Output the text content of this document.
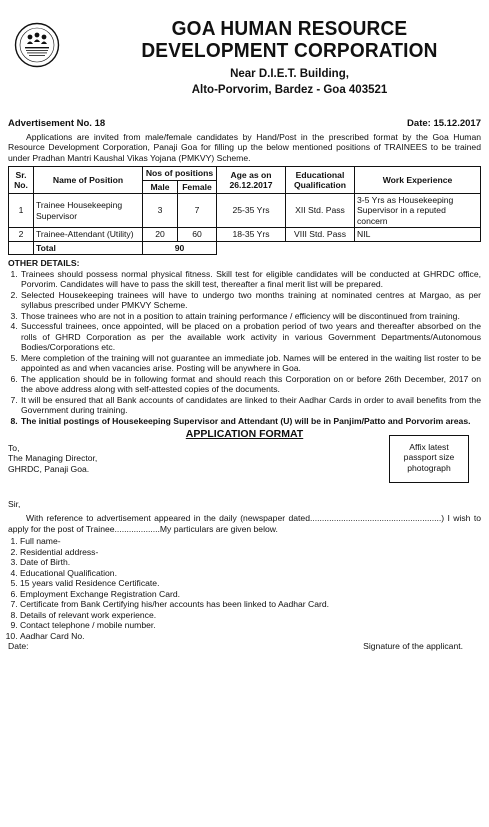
GOA HUMAN RESOURCE
DEVELOPMENT CORPORATION
Near D.I.E.T. Building,
Alto-Porvorim, Bardez - Goa 403521
Advertisement No. 18	Date: 15.12.2017

Applications are invited from male/female candidates by Hand/Post in the prescribed format by the Goa Human Resource Development Corporation, Panaji Goa for filling up the below mentioned positions of TRAINEES to be trained under Pradhan Mantri Kaushal Vikas Yojana (PMKVY) Scheme.

Sr. No.	Name of Position	Nos of positions		Age as on 26.12.2017	Educational Qualification	Work Experience
		Male	Female			
1	Trainee Housekeeping Supervisor	3	7	25-35 Yrs	XII Std. Pass	3-5 Yrs as Housekeeping Supervisor in a reputed concern
2	Trainee-Attendant (Utility)	20	60	18-35 Yrs	VIII Std. Pass	NIL
	Total	90				
OTHER DETAILS:
1. Trainees should possess normal physical fitness. Skill test for eligible candidates will be conducted at GHRDC office, Porvorim. Candidates will have to pass the skill test, thereafter a final merit list will be prepared.
2. Selected Housekeeping trainees will have to undergo two months training at nominated centres at Margao, as per syllabus prescribed under PMKVY Scheme.
3. Those trainees who are not in a position to attain training performance / efficiency will be discontinued from training.
4. Successful trainees, once appointed, will be placed on a probation period of two years and thereafter absorbed on the rolls of GHRD Corporation as per the available work activity in various Government Departments/Autonomous Bodies/Corporations etc.
5. Mere completion of the training will not guarantee an immediate job. Names will be entered in the waiting list roster to be appointed as and when vacancies arise. Posting will be anywhere in Goa.
6. The application should be in following format and should reach this Corporation on or before 26th December, 2017 on the above address along with self-attested copies of the documents.
7. It will be ensured that all Bank accounts of candidates are linked to their Aadhar Cards in order to avail benefits from the Government during training.
8. The initial postings of Housekeeping Supervisor and Attendant (U) will be in Panjim/Patto and Porvorim areas.
APPLICATION FORMAT
To,
The Managing Director,
GHRDC, Panaji Goa.
Affix latest
passport size
photograph
Sir,

With reference to advertisement appeared in the daily (newspaper dated.......................................................) I wish to apply for the post of Trainee...................My particulars are given below.

1. Full name-
2. Residential address-
3. Date of Birth.
4. Educational Qualification.
5. 15 years valid Residence Certificate.
6. Employment Exchange Registration Card.
7. Certificate from Bank Certifying his/her accounts has been linked to Aadhar Card.
8. Details of relevant work experience.
9. Contact telephone / mobile number.
10. Aadhar Card No.
Date:	Signature of the applicant.
